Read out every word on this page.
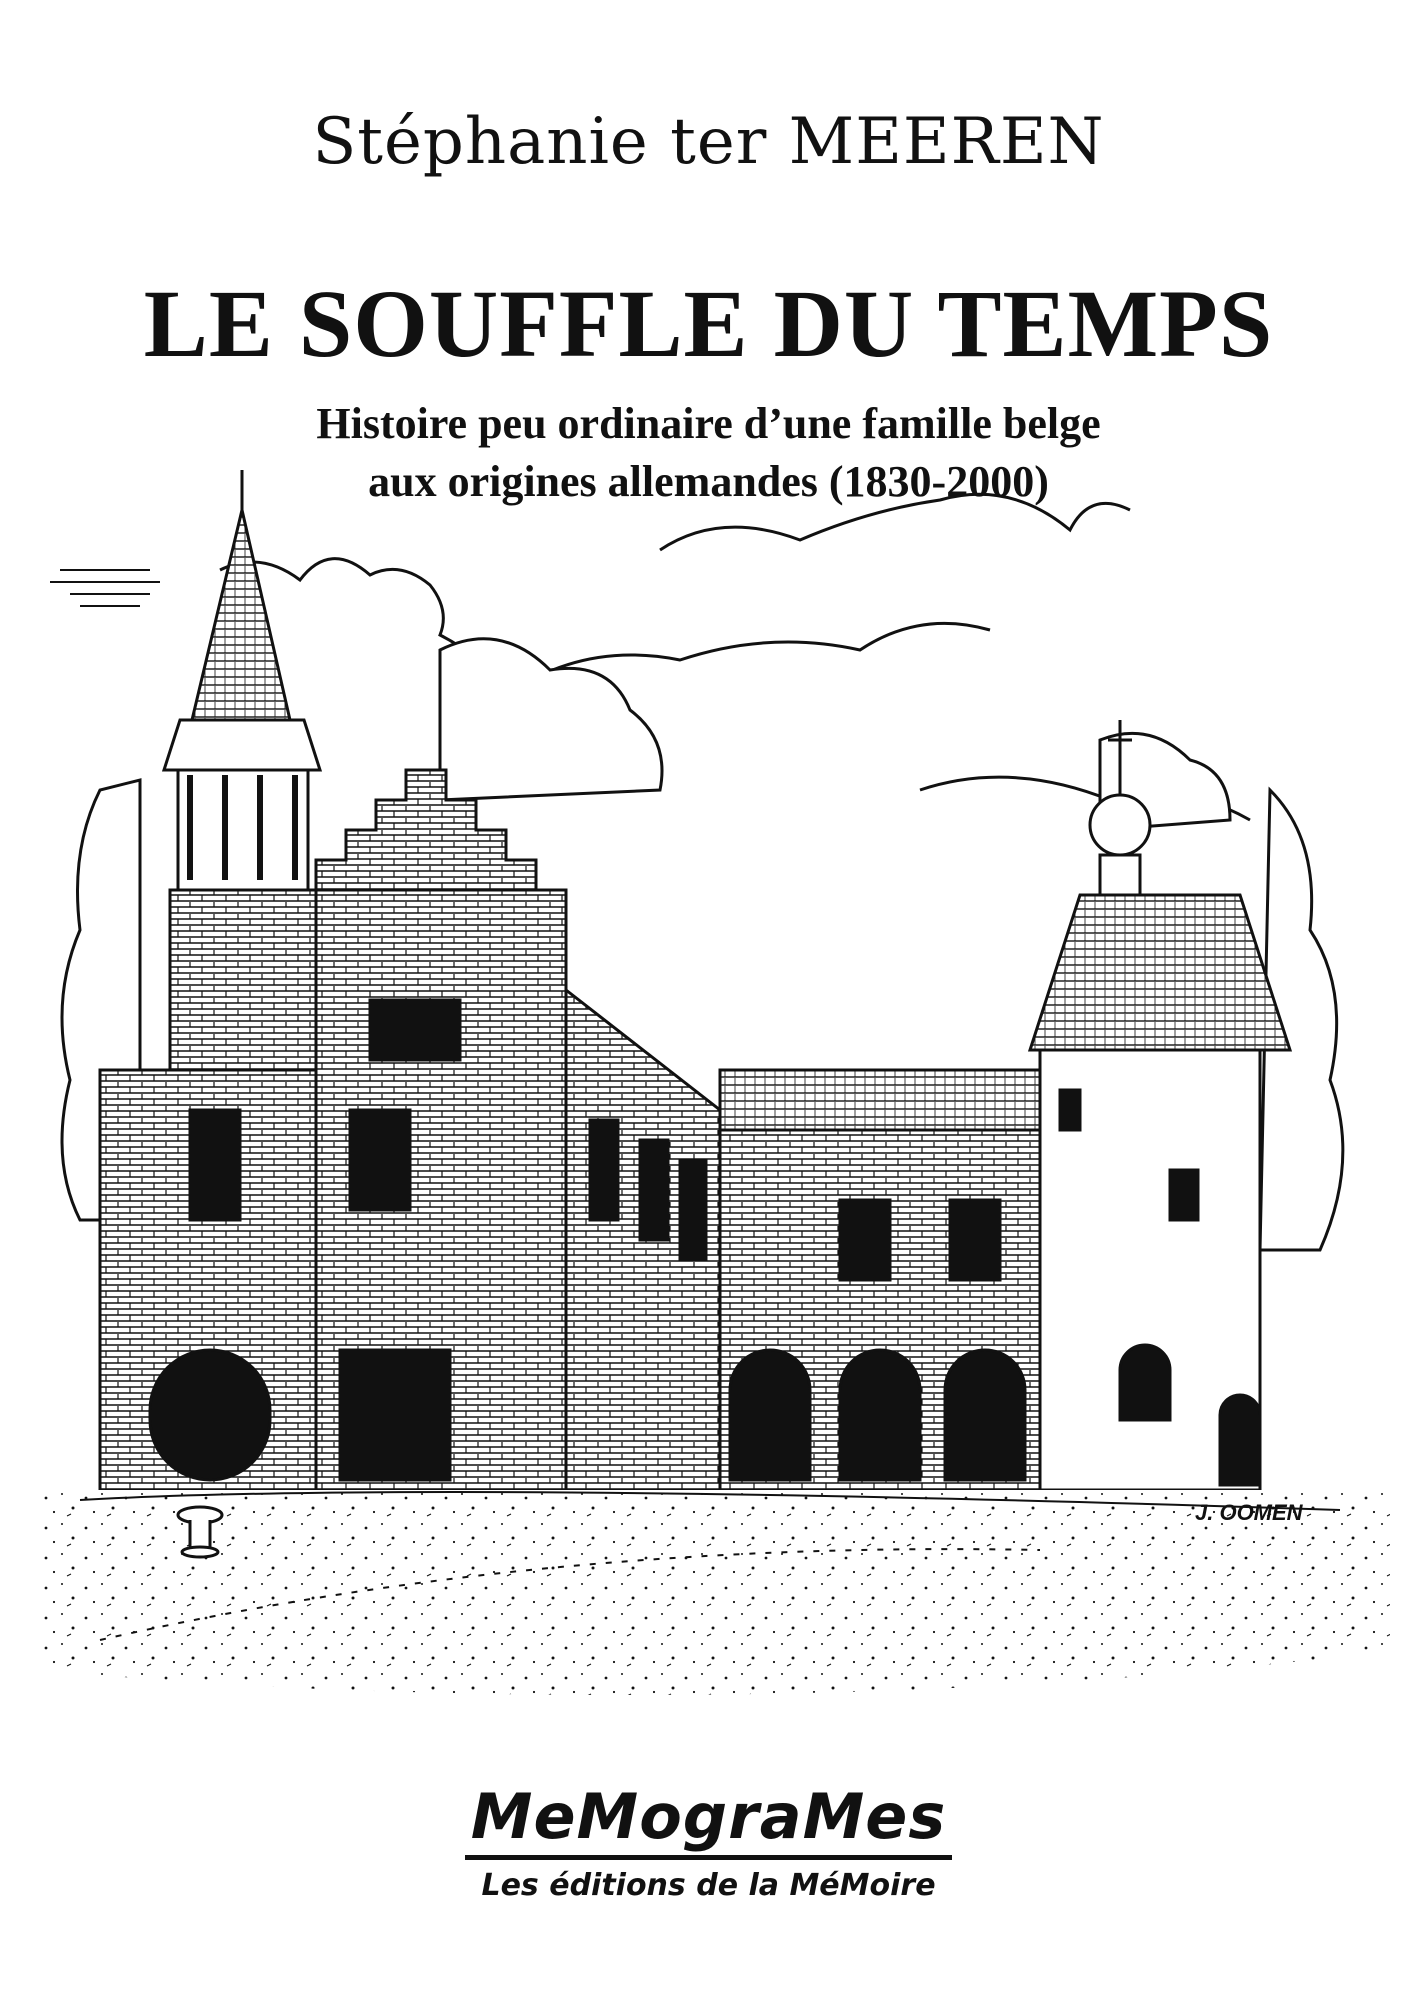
Stéphanie ter MEEREN
LE SOUFFLE DU TEMPS
Histoire peu ordinaire d’une famille belge
aux origines allemandes (1830-2000)
J. OOMEN
MeMograMes
Les éditions de la MéMoire
